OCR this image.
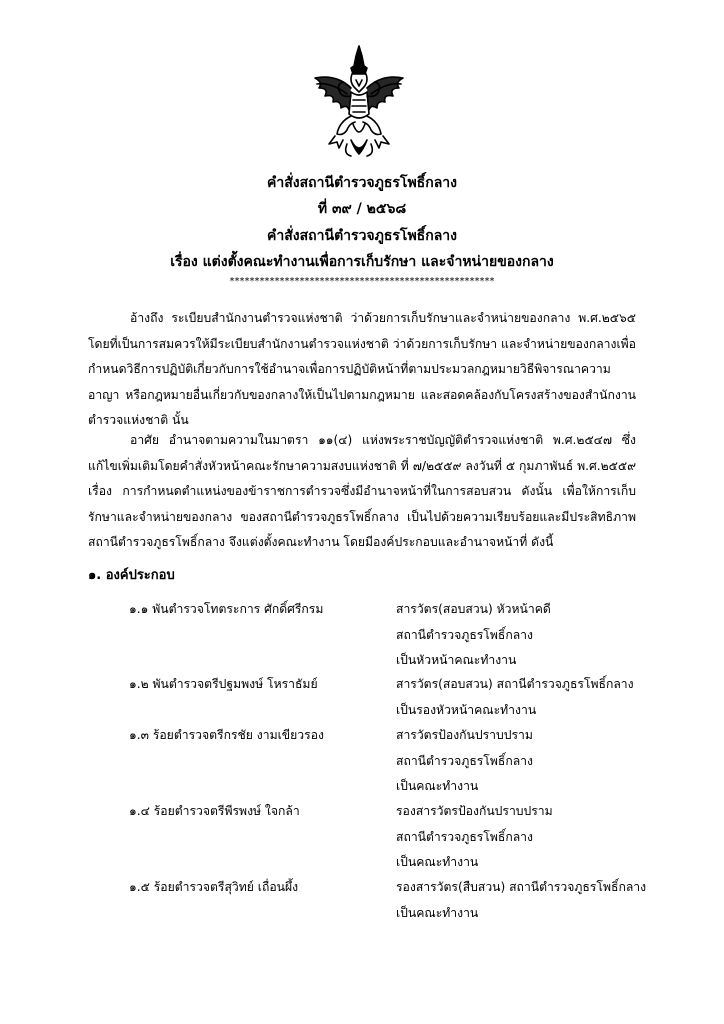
คำสั่งสถานีตำรวจภูธรโพธิ์กลาง
ที่ ๓๙ / ๒๕๖๘
คำสั่งสถานีตำรวจภูธรโพธิ์กลาง
เรื่อง แต่งตั้งคณะทำงานเพื่อการเก็บรักษา และจำหน่ายของกลาง
*****************************************************
อ้างถึง ระเบียบสำนักงานตำรวจแห่งชาติ ว่าด้วยการเก็บรักษาและจำหน่ายของกลาง พ.ศ.๒๕๖๕ โดยที่เป็นการสมควรให้มีระเบียบสำนักงานตำรวจแห่งชาติ ว่าด้วยการเก็บรักษา และจำหน่ายของกลางเพื่อกำหนดวิธีการปฏิบัติเกี่ยวกับการใช้อำนาจเพื่อการปฏิบัติหน้าที่ตามประมวลกฎหมายวิธีพิจารณาความอาญา หรือกฎหมายอื่นเกี่ยวกับของกลางให้เป็นไปตามกฎหมาย และสอดคล้องกับโครงสร้างของสำนักงานตำรวจแห่งชาติ นั้น
อาศัย อำนาจตามความในมาตรา ๑๑(๔) แห่งพระราชบัญญัติตำรวจแห่งชาติ พ.ศ.๒๕๔๗ ซึ่งแก้ไขเพิ่มเติมโดยคำสั่งหัวหน้าคณะรักษาความสงบแห่งชาติ ที่ ๗/๒๕๕๙ ลงวันที่ ๕ กุมภาพันธ์ พ.ศ.๒๕๕๙ เรื่อง การกำหนดตำแหน่งของข้าราชการตำรวจซึ่งมีอำนาจหน้าที่ในการสอบสวน ดังนั้น เพื่อให้การเก็บรักษาและจำหน่ายของกลาง ของสถานีตำรวจภูธรโพธิ์กลาง เป็นไปด้วยความเรียบร้อยและมีประสิทธิภาพสถานีตำรวจภูธรโพธิ์กลาง จึงแต่งตั้งคณะทำงาน โดยมีองค์ประกอบและอำนาจหน้าที่ ดังนี้
๑. องค์ประกอบ
๑.๑ พันตำรวจโทตระการ ศักดิ์ศรีกรม	สารวัตร(สอบสวน) หัวหน้าคดี
สถานีตำรวจภูธรโพธิ์กลาง
เป็นหัวหน้าคณะทำงาน
๑.๒ พันตำรวจตรีปฐมพงษ์ โหราธัมย์	สารวัตร(สอบสวน) สถานีตำรวจภูธรโพธิ์กลาง
เป็นรองหัวหน้าคณะทำงาน
๑.๓ ร้อยตำรวจตรีกรชัย งามเขียวรอง	สารวัตรป้องกันปราบปราม
สถานีตำรวจภูธรโพธิ์กลาง
เป็นคณะทำงาน
๑.๔ ร้อยตำรวจตรีพีรพงษ์ ใจกล้า	รองสารวัตรป้องกันปราบปราม
สถานีตำรวจภูธรโพธิ์กลาง
เป็นคณะทำงาน
๑.๕ ร้อยตำรวจตรีสุวิทย์ เถื่อนผึ้ง	รองสารวัตร(สืบสวน) สถานีตำรวจภูธรโพธิ์กลาง
เป็นคณะทำงาน
